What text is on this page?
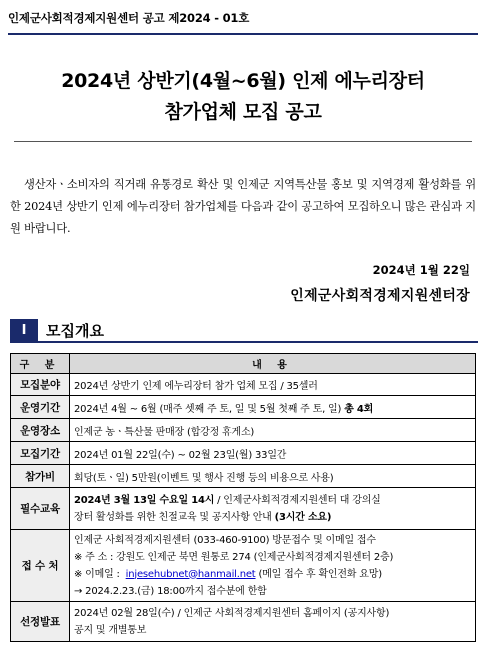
인제군사회적경제지원센터 공고 제2024 - 01호
2024년 상반기(4월~6월) 인제 에누리장터
참가업체 모집 공고
생산자ㆍ소비자의 직거래 유통경로 확산 및 인제군 지역특산물 홍보 및 지역경제 활성화를 위한 2024년 상반기 인제 에누리장터 참가업체를 다음과 같이 공고하여 모집하오니 많은 관심과 지원 바랍니다.
2024년 1월 22일
인제군사회적경제지원센터장
I	모집개요
구 분	내 용
모집분야	2024년 상반기 인제 에누리장터 참가 업체 모집 / 35셀러
운영기간	2024년 4월 ~ 6월 (매주 셋째 주 토, 일 및 5월 첫째 주 토, 일) 총 4회
운영장소	인제군 농ㆍ특산물 판매장 (합강정 휴게소)
모집기간	2024년 01월 22일(수) ~ 02월 23일(월) 33일간
참가비	회당(토ㆍ일) 5만원(이벤트 및 행사 진행 등의 비용으로 사용)
필수교육	2024년 3월 13일 수요일 14시 / 인제군사회적경제지원센터 대 강의실
장터 활성화를 위한 친절교육 및 공지사항 안내 (3시간 소요)

접 수 처	인제군 사회적경제지원센터 (033-460-9100) 방문접수 및 이메일 접수
※ 주 소 : 강원도 인제군 북면 원통로 274 (인제군사회적경제지원센터 2층)
※ 이메일 : injesehubnet@hanmail.net (메일 접수 후 확인전화 요망)
→ 2024.2.23.(금) 18:00까지 접수분에 한함

선정발표	2024년 02월 28일(수) / 인제군 사회적경제지원센터 홈페이지 (공지사항)
공지 및 개별통보
